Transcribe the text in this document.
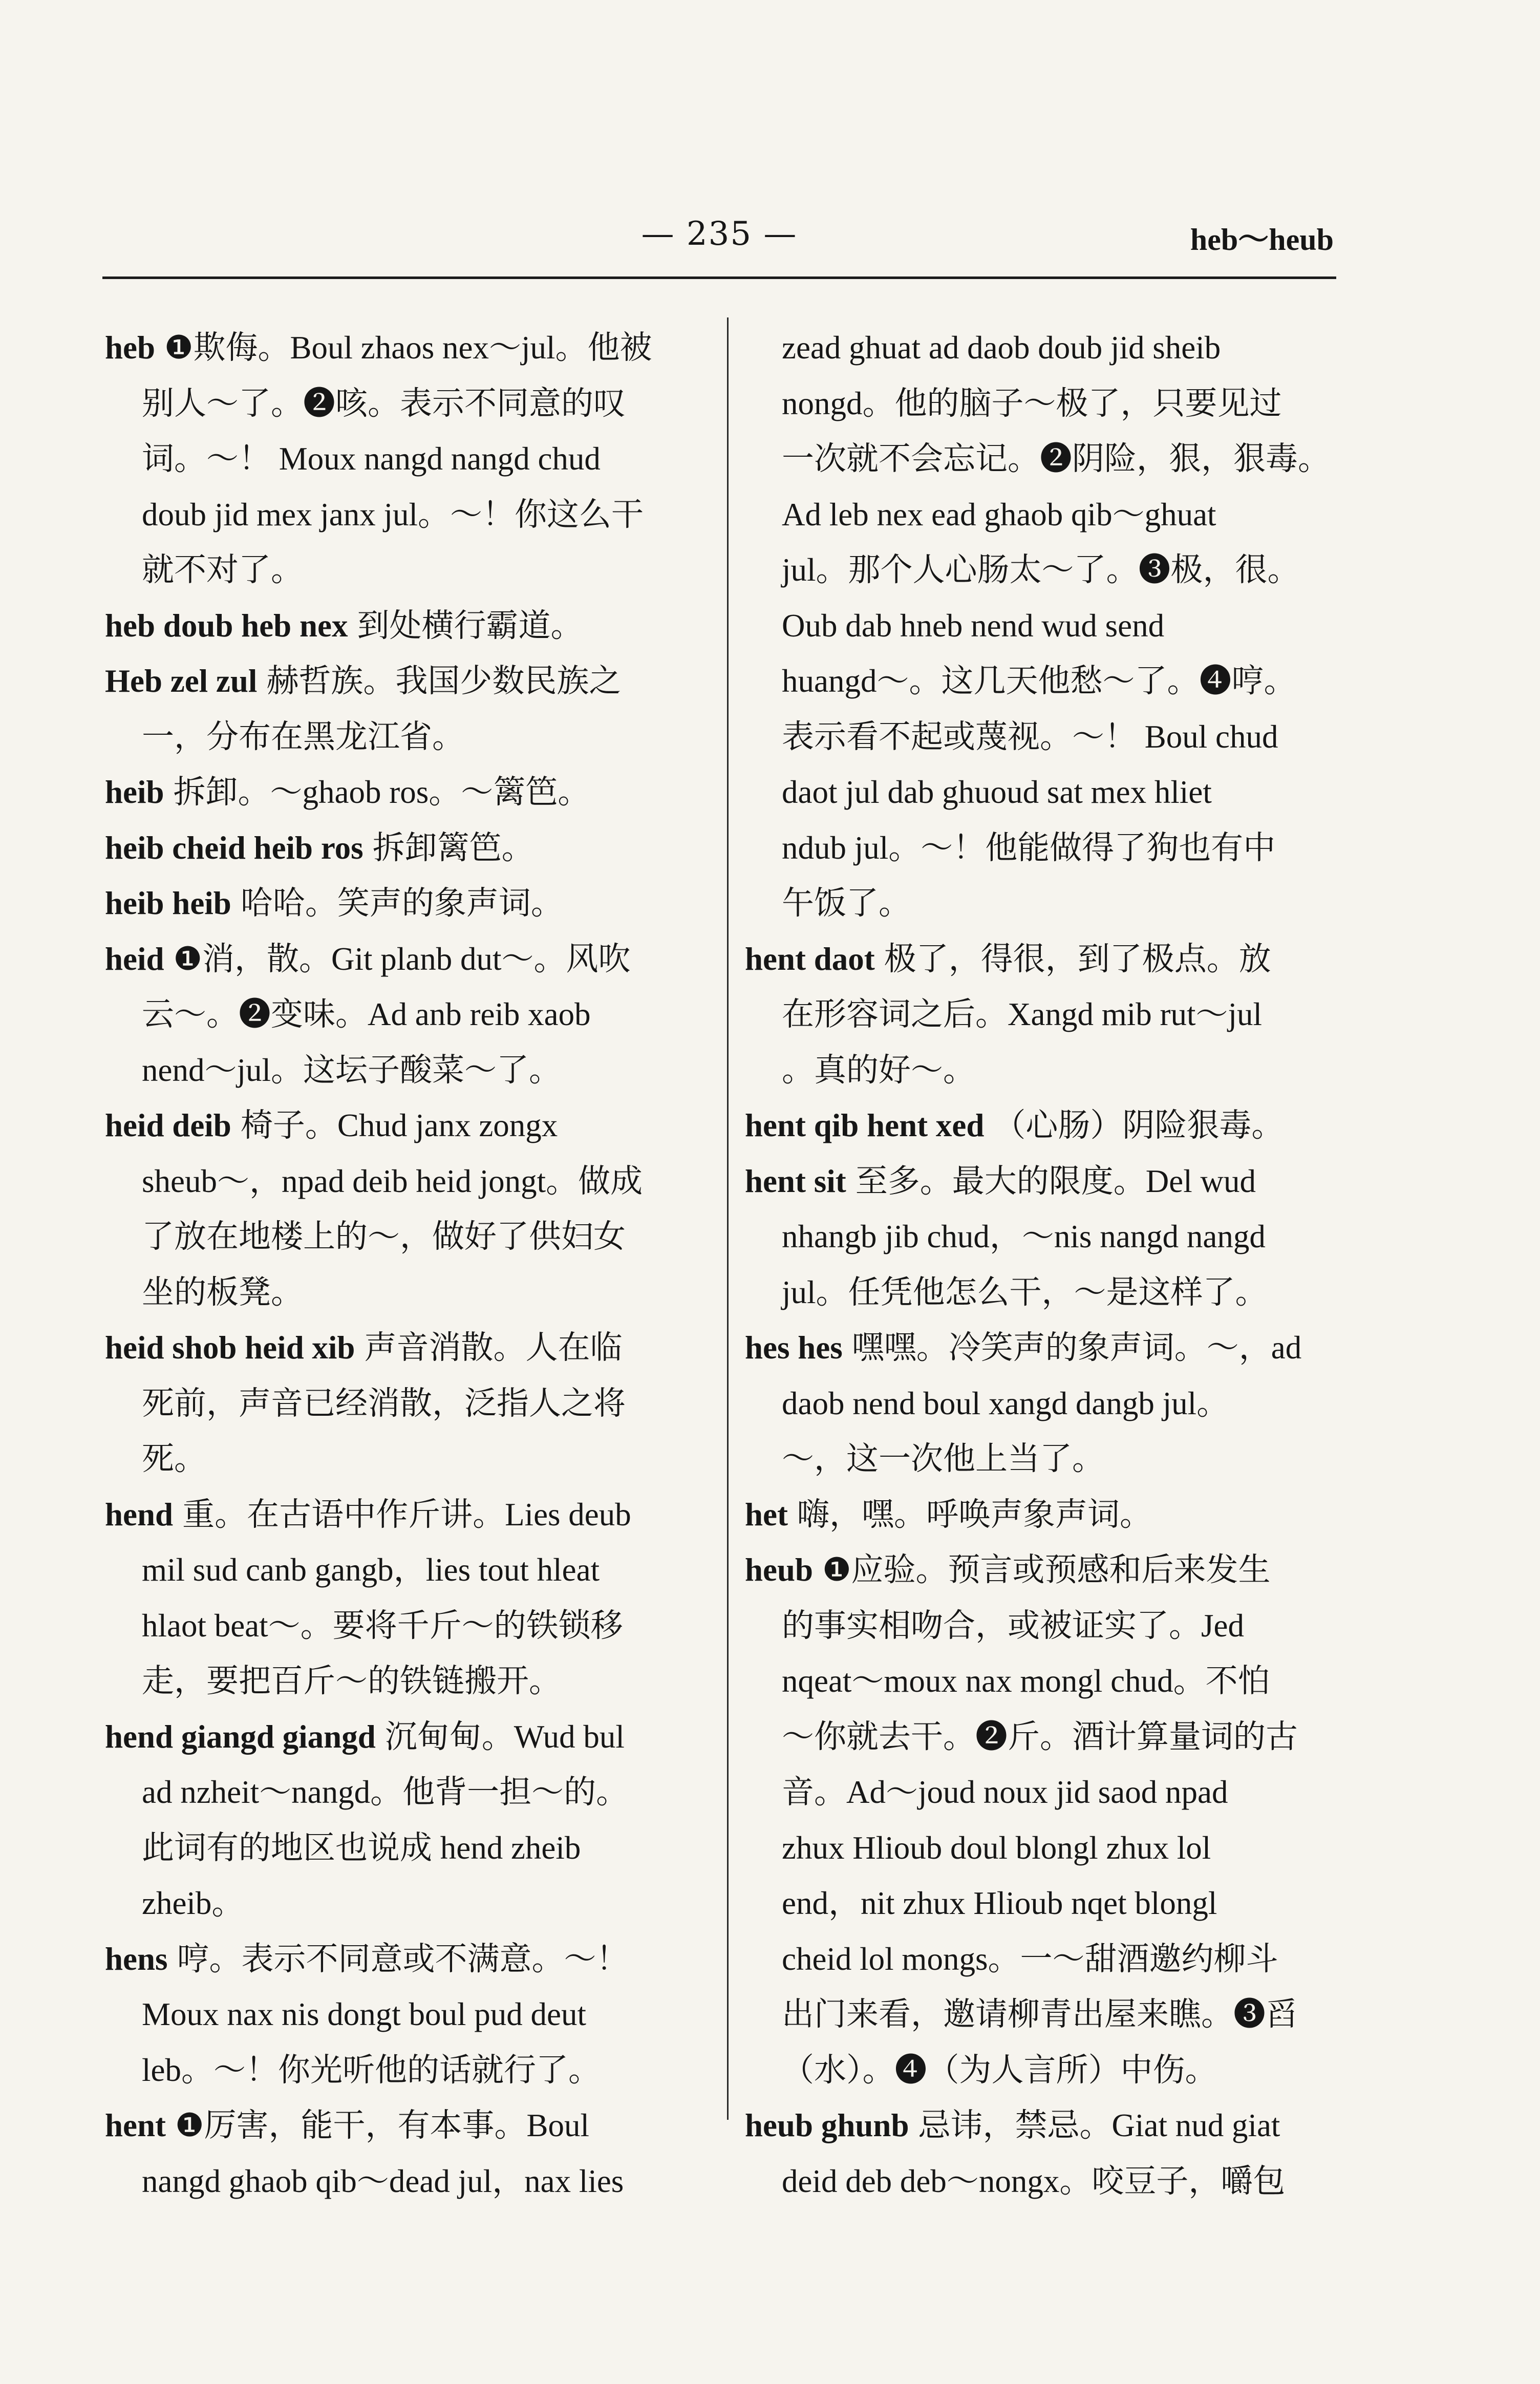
— 235 —	heb～heub
heb ❶欺侮。Boul zhaos nex～jul。他被
别人～了。❷咳。表示不同意的叹
词。～！ Moux nangd nangd chud
doub jid mex janx jul。～！你这么干
就不对了。
heb doub heb nex 到处横行霸道。
Heb zel zul 赫哲族。我国少数民族之
一，分布在黑龙江省。
heib 拆卸。～ghaob ros。～篱笆。
heib cheid heib ros 拆卸篱笆。
heib heib 哈哈。笑声的象声词。
heid ❶消，散。Git planb dut～。风吹
云～。❷变味。Ad anb reib xaob
nend～jul。这坛子酸菜～了。
heid deib 椅子。Chud janx zongx
sheub～，npad deib heid jongt。做成
了放在地楼上的～，做好了供妇女
坐的板凳。
heid shob heid xib 声音消散。人在临
死前，声音已经消散，泛指人之将
死。
hend 重。在古语中作斤讲。Lies deub
mil sud canb gangb，lies tout hleat
hlaot beat～。要将千斤～的铁锁移
走，要把百斤～的铁链搬开。
hend giangd giangd 沉甸甸。Wud bul
ad nzheit～nangd。他背一担～的。
此词有的地区也说成 hend zheib
zheib。
hens 哼。表示不同意或不满意。～！
Moux nax nis dongt boul pud deut
leb。～！你光听他的话就行了。
hent ❶厉害，能干，有本事。Boul
nangd ghaob qib～dead jul，nax lies
zead ghuat ad daob doub jid sheib
nongd。他的脑子～极了，只要见过
一次就不会忘记。❷阴险，狠，狠毒。
Ad leb nex ead ghaob qib～ghuat
jul。那个人心肠太～了。❸极，很。
Oub dab hneb nend wud send
huangd～。这几天他愁～了。❹哼。
表示看不起或蔑视。～！ Boul chud
daot jul dab ghuoud sat mex hliet
ndub jul。～！他能做得了狗也有中
午饭了。
hent daot 极了，得很，到了极点。放
在形容词之后。Xangd mib rut～jul
。真的好～。
hent qib hent xed （心肠）阴险狠毒。
hent sit 至多。最大的限度。Del wud
nhangb jib chud，～nis nangd nangd
jul。任凭他怎么干，～是这样了。
hes hes 嘿嘿。冷笑声的象声词。～，ad
daob nend boul xangd dangb jul。
～，这一次他上当了。
het 嗨，嘿。呼唤声象声词。
heub ❶应验。预言或预感和后来发生
的事实相吻合，或被证实了。Jed
nqeat～moux nax mongl chud。不怕
～你就去干。❷斤。酒计算量词的古
音。Ad～joud noux jid saod npad
zhux Hlioub doul blongl zhux lol
end，nit zhux Hlioub nqet blongl
cheid lol mongs。一～甜酒邀约柳斗
出门来看，邀请柳青出屋来瞧。❸舀
（水）。❹（为人言所）中伤。
heub ghunb 忌讳，禁忌。Giat nud giat
deid deb deb～nongx。咬豆子，嚼包
